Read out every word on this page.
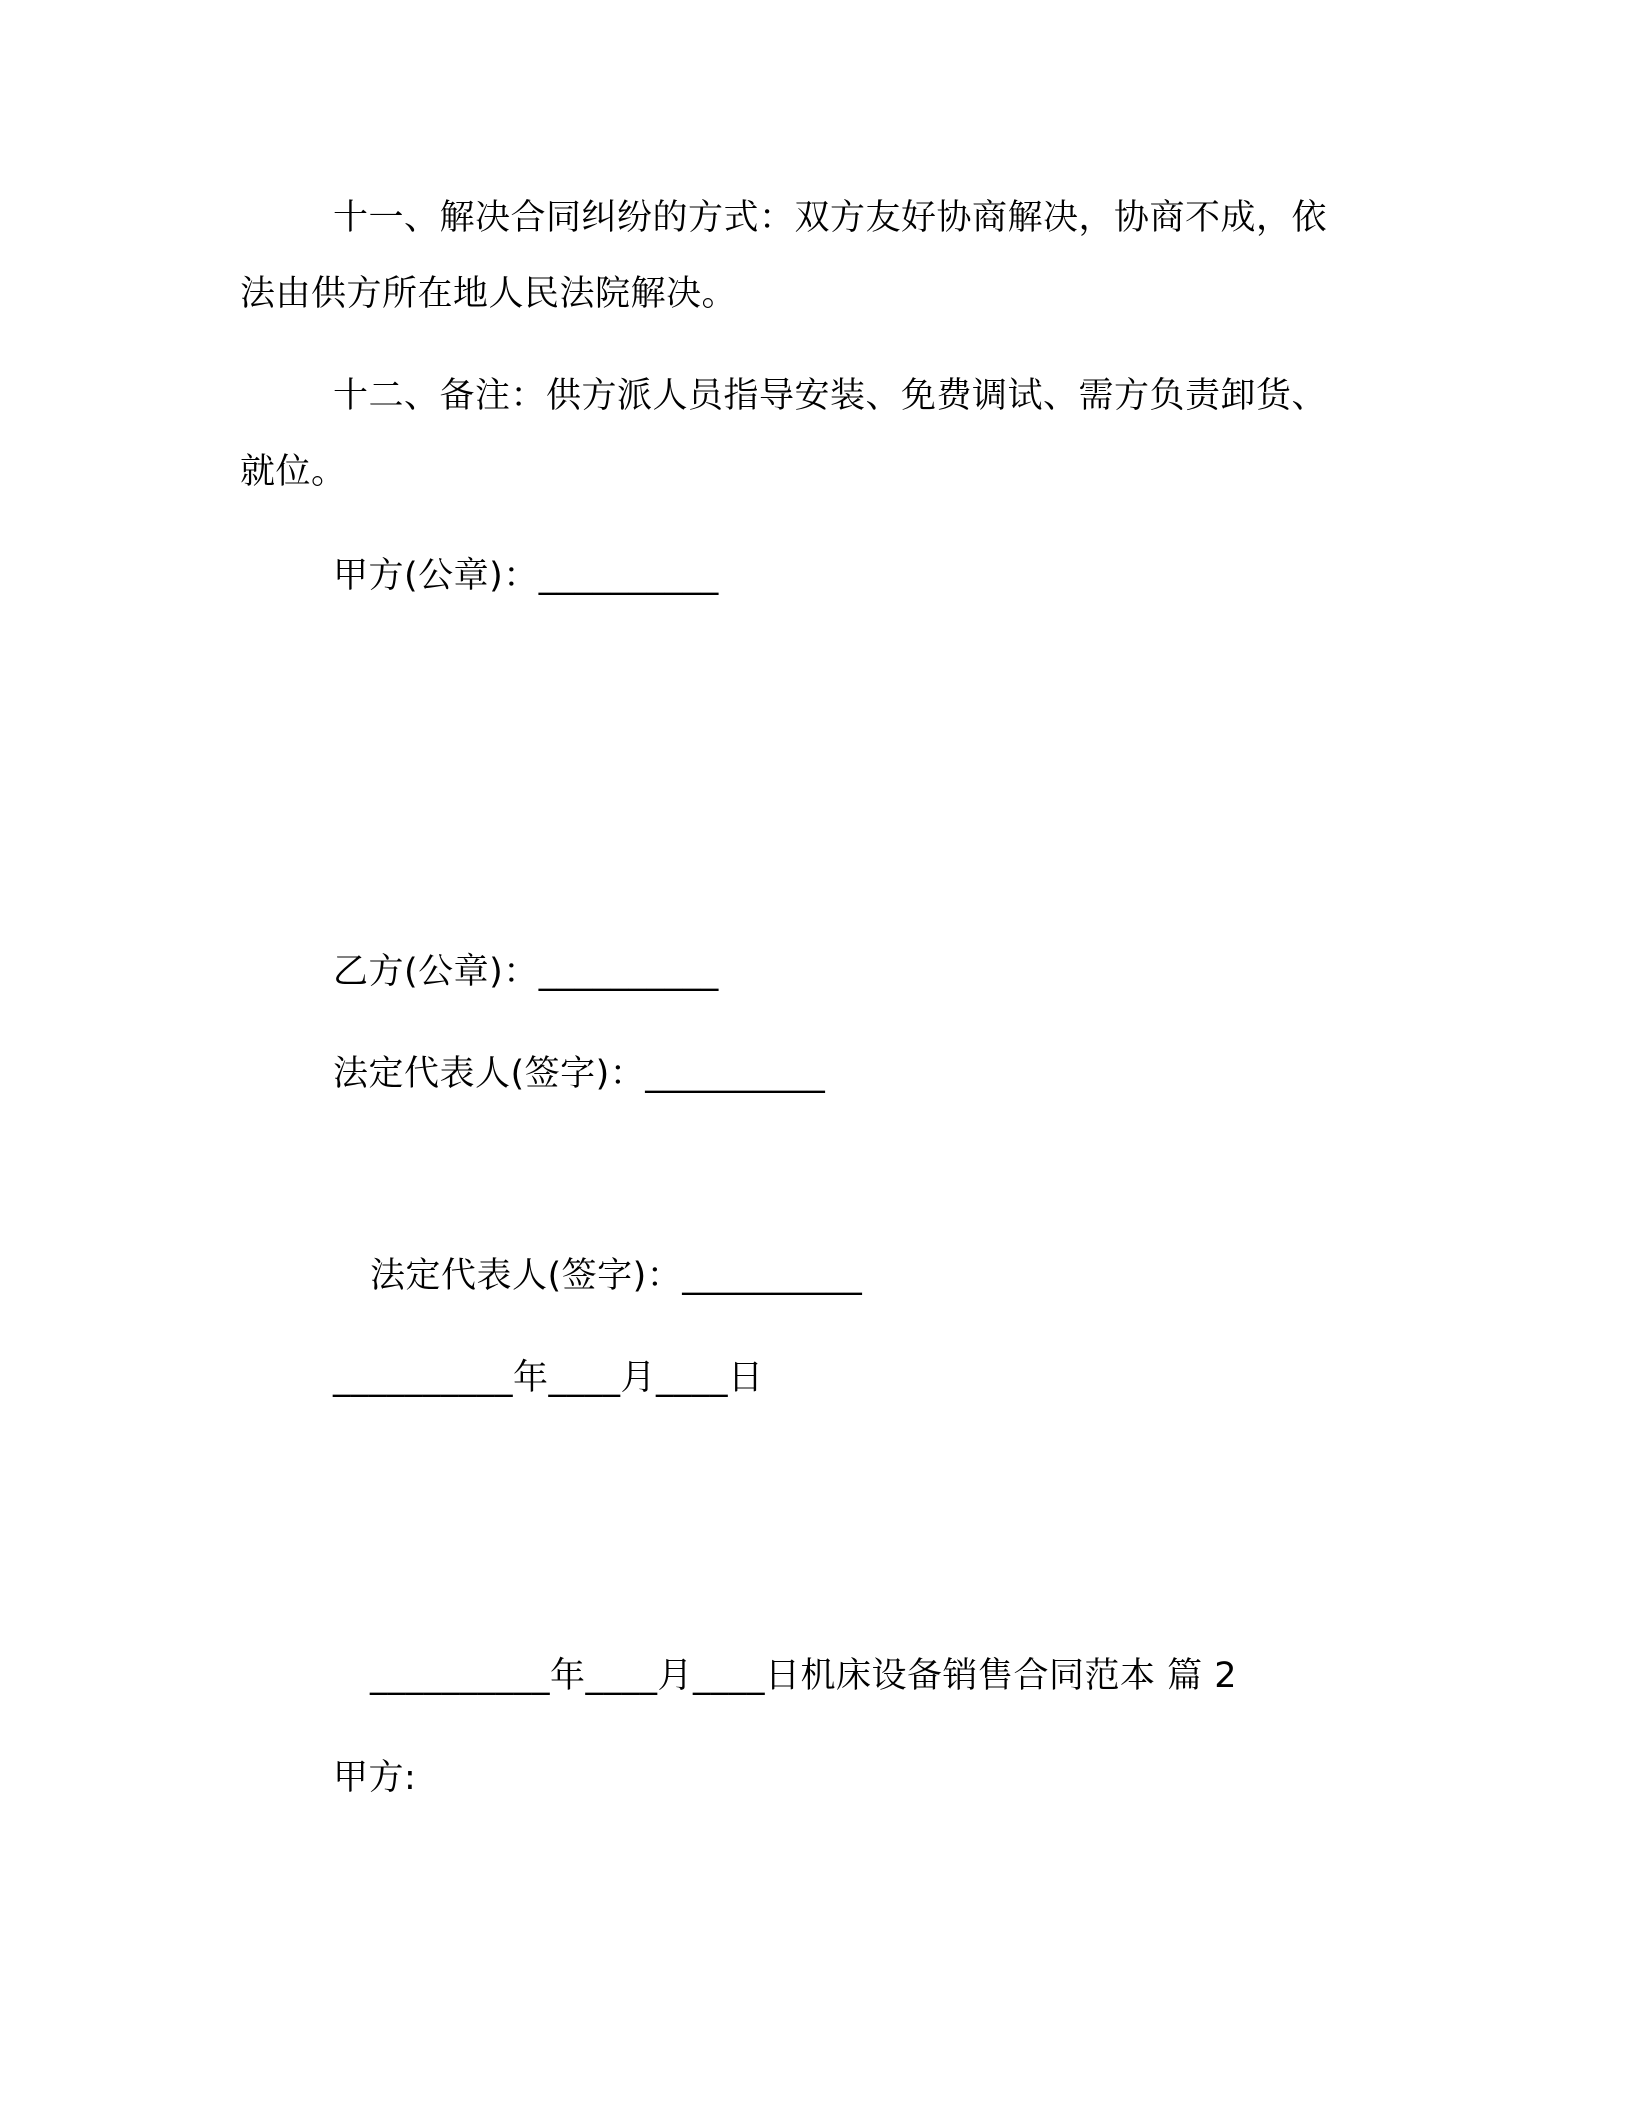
十一、解决合同纠纷的方式：双方友好协商解决，协商不成，依
法由供方所在地人民法院解决。
十二、备注：供方派人员指导安装、免费调试、需方负责卸货、
就位。
甲方(公章)：__________
乙方(公章)：__________
法定代表人(签字)：__________
法定代表人(签字)：__________
__________年____月____日
__________年____月____日机床设备销售合同范本 篇 2
甲方:
